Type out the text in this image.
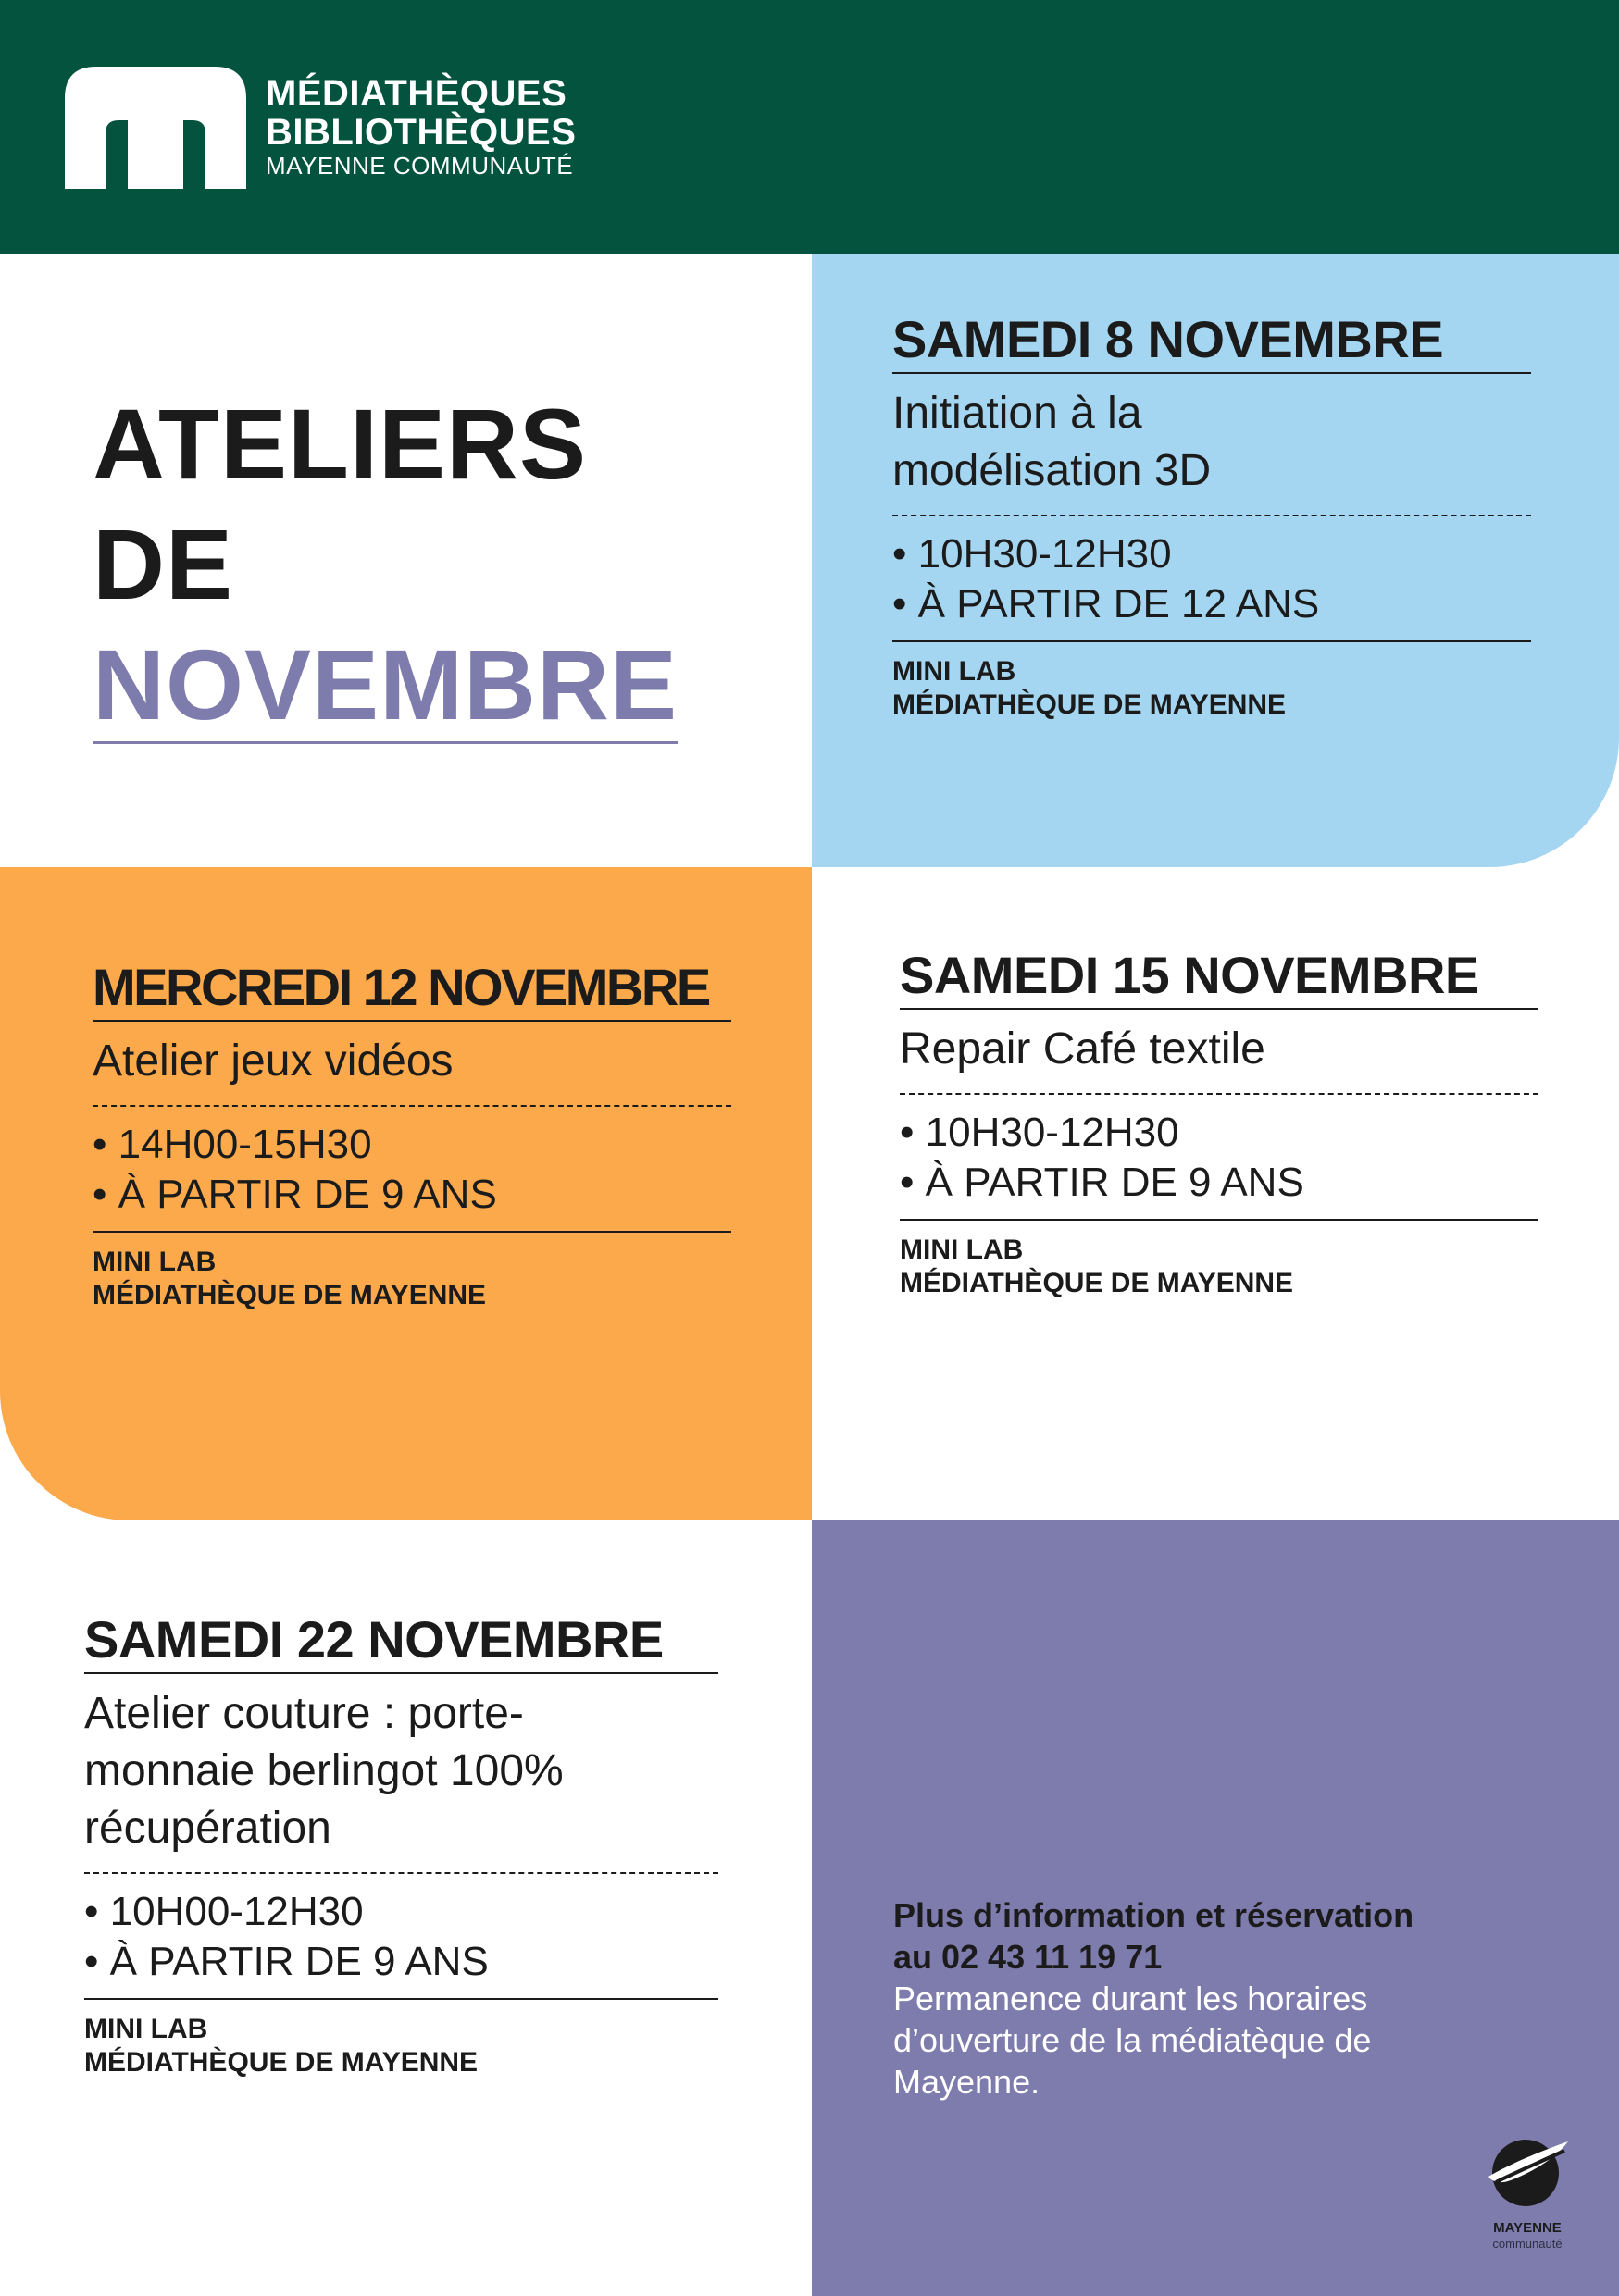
MÉDIATHÈQUES
BIBLIOTHÈQUES
MAYENNE COMMUNAUTÉ
ATELIERS
DE
NOVEMBRE
SAMEDI 8 NOVEMBRE
Initiation à la
modélisation 3D
• 10H30-12H30
• À PARTIR DE 12 ANS
MINI LAB
MÉDIATHÈQUE DE MAYENNE
MERCREDI 12 NOVEMBRE
Atelier jeux vidéos
• 14H00-15H30
• À PARTIR DE 9 ANS
MINI LAB
MÉDIATHÈQUE DE MAYENNE
SAMEDI 15 NOVEMBRE
Repair Café textile
• 10H30-12H30
• À PARTIR DE 9 ANS
MINI LAB
MÉDIATHÈQUE DE MAYENNE
SAMEDI 22 NOVEMBRE
Atelier couture : porte-
monnaie berlingot 100%
récupération
• 10H00-12H30
• À PARTIR DE 9 ANS
MINI LAB
MÉDIATHÈQUE DE MAYENNE
Plus d’information et réservation
au 02 43 11 19 71
Permanence durant les horaires
d’ouverture de la médiatèque de
Mayenne.
MAYENNE
communauté
